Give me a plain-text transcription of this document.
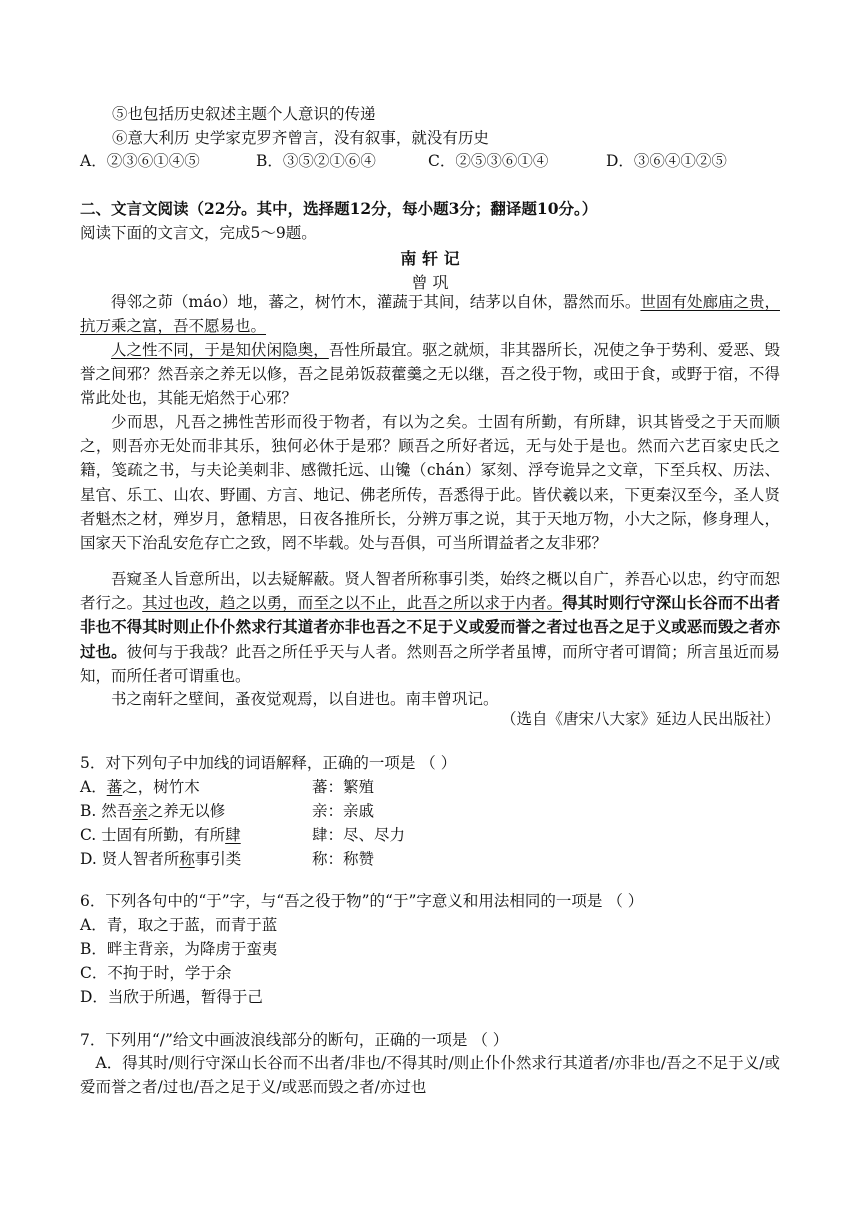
⑤也包括历史叙述主题个人意识的传递
⑥意大利历 史学家克罗齐曾言，没有叙事，就没有历史
A．②③⑥①④⑤	B．③⑤②①⑥④	C．②⑤③⑥①④	D．③⑥④①②⑤
二、文言文阅读（22分。其中，选择题12分，每小题3分；翻译题10分。）
阅读下面的文言文，完成5～9题。
南 轩 记
曾 巩
得邻之茆（máo）地，蕃之，树竹木，灌蔬于其间，结茅以自休，嚣然而乐。世固有处廊庙之贵，抗万乘之富，吾不愿易也。
人之性不同，于是知伏闲隐奥，吾性所最宜。驱之就烦，非其器所长，况使之争于势利、爱恶、毁誉之间邪？然吾亲之养无以修，吾之昆弟饭菽藿羹之无以继，吾之役于物，或田于食，或野于宿，不得常此处也，其能无焰然于心邪？
少而思，凡吾之拂性苦形而役于物者，有以为之矣。士固有所勤，有所肆，识其皆受之于天而顺之，则吾亦无处而非其乐，独何必休于是邪？顾吾之所好者远，无与处于是也。然而六艺百家史氏之籍，笺疏之书，与夫论美刺非、感微托远、山镵（chán）冢刻、浮夸诡异之文章，下至兵权、历法、星官、乐工、山农、野圃、方言、地记、佛老所传，吾悉得于此。皆伏羲以来，下更秦汉至今，圣人贤者魁杰之材，殚岁月，惫精思，日夜各推所长，分辨万事之说，其于天地万物，小大之际，修身理人，国家天下治乱安危存亡之致，罔不毕载。处与吾俱，可当所谓益者之友非邪？
吾窥圣人旨意所出，以去疑解蔽。贤人智者所称事引类，始终之概以自广，养吾心以忠，约守而恕者行之。其过也改，趋之以勇，而至之以不止，此吾之所以求于内者。得其时则行守深山长谷而不出者非也不得其时则止仆仆然求行其道者亦非也吾之不足于义或爱而誉之者过也吾之足于义或恶而毁之者亦过也。彼何与于我哉？此吾之所任乎天与人者。然则吾之所学者虽博，而所守者可谓简；所言虽近而易知，而所任者可谓重也。
书之南轩之壁间，蚤夜觉观焉，以自进也。南丰曾巩记。
（选自《唐宋八大家》延边人民出版社）
5．对下列句子中加线的词语解释，正确的一项是 （ ）
A．蕃之，树竹木	蕃：繁殖
B. 然吾亲之养无以修	亲：亲戚
C. 士固有所勤，有所肆	肆：尽、尽力
D. 贤人智者所称事引类	称：称赞
6．下列各句中的“于”字，与“吾之役于物”的“于”字意义和用法相同的一项是 （ ）
A．青，取之于蓝，而青于蓝
B．畔主背亲，为降虏于蛮夷
C．不拘于时，学于余
D．当欣于所遇，暂得于己
7．下列用“/”给文中画波浪线部分的断句，正确的一项是 （ ）
A．得其时/则行守深山长谷而不出者/非也/不得其时/则止仆仆然求行其道者/亦非也/吾之不足于义/或爱而誉之者/过也/吾之足于义/或恶而毁之者/亦过也
